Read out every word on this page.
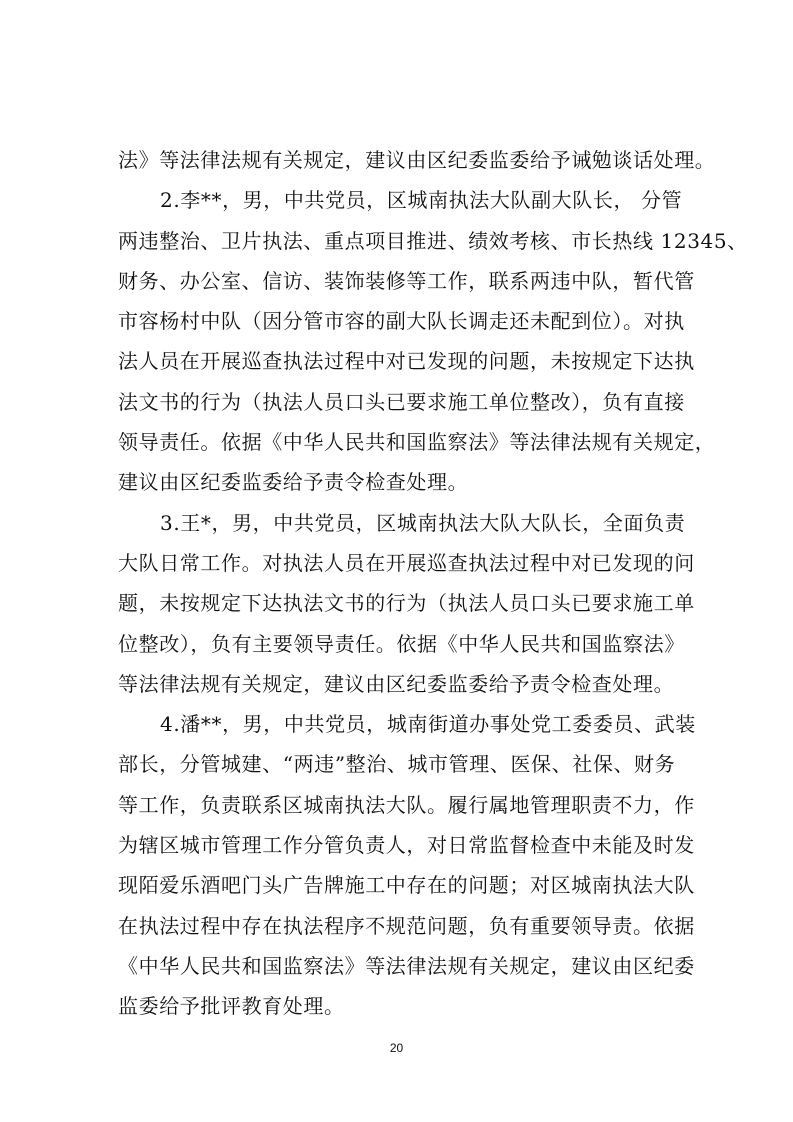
法》等法律法规有关规定，建议由区纪委监委给予诫勉谈话处理。
2.李**，男，中共党员，区城南执法大队副大队长， 分管
两违整治、卫片执法、重点项目推进、绩效考核、市长热线 12345、
财务、办公室、信访、装饰装修等工作，联系两违中队，暂代管
市容杨村中队（因分管市容的副大队长调走还未配到位）。对执
法人员在开展巡查执法过程中对已发现的问题，未按规定下达执
法文书的行为（执法人员口头已要求施工单位整改），负有直接
领导责任。依据《中华人民共和国监察法》等法律法规有关规定，
建议由区纪委监委给予责令检查处理。
3.王*，男，中共党员，区城南执法大队大队长，全面负责
大队日常工作。对执法人员在开展巡查执法过程中对已发现的问
题，未按规定下达执法文书的行为（执法人员口头已要求施工单
位整改），负有主要领导责任。依据《中华人民共和国监察法》
等法律法规有关规定，建议由区纪委监委给予责令检查处理。
4.潘**，男，中共党员，城南街道办事处党工委委员、武装
部长，分管城建、“两违”整治、城市管理、医保、社保、财务
等工作，负责联系区城南执法大队。履行属地管理职责不力，作
为辖区城市管理工作分管负责人，对日常监督检查中未能及时发
现陌爱乐酒吧门头广告牌施工中存在的问题；对区城南执法大队
在执法过程中存在执法程序不规范问题，负有重要领导责。依据
《中华人民共和国监察法》等法律法规有关规定，建议由区纪委
监委给予批评教育处理。
20
